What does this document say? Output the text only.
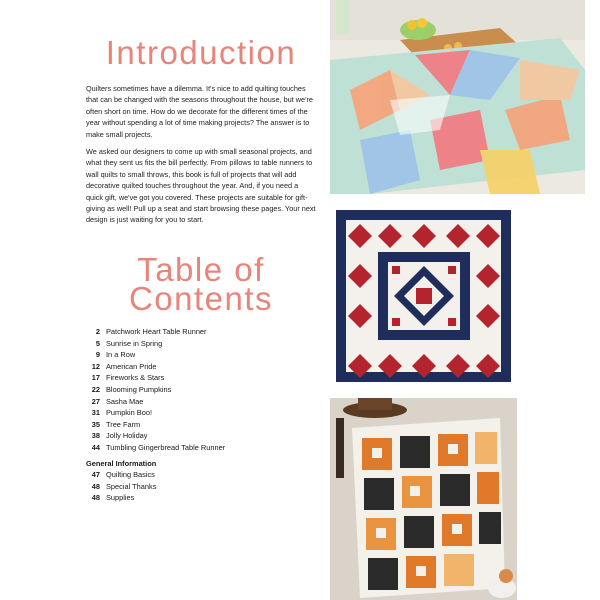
Introduction

Quilters sometimes have a dilemma. It's nice to add quilting touches that can be changed with the seasons throughout the house, but we're often short on time. How do we decorate for the different times of the year without spending a lot of time making projects? The answer is to make small projects.

We asked our designers to come up with small seasonal projects, and what they sent us fits the bill perfectly. From pillows to table runners to wall quilts to small throws, this book is full of projects that will add decorative quilted touches throughout the year. And, if you need a quick gift, we've got you covered. These projects are suitable for gift-giving as well! Pull up a seat and start browsing these pages. Your next design is just waiting for you to start.

Table of
Contents
2 Patchwork Heart Table Runner
5 Sunrise in Spring
9 In a Row
12 American Pride
17 Fireworks & Stars
22 Blooming Pumpkins
27 Sasha Mae
31 Pumpkin Boo!
35 Tree Farm
38 Jolly Holiday
44 Tumbling Gingerbread Table Runner
General Information
47 Quilting Basics
48 Special Thanks
48 Supplies
